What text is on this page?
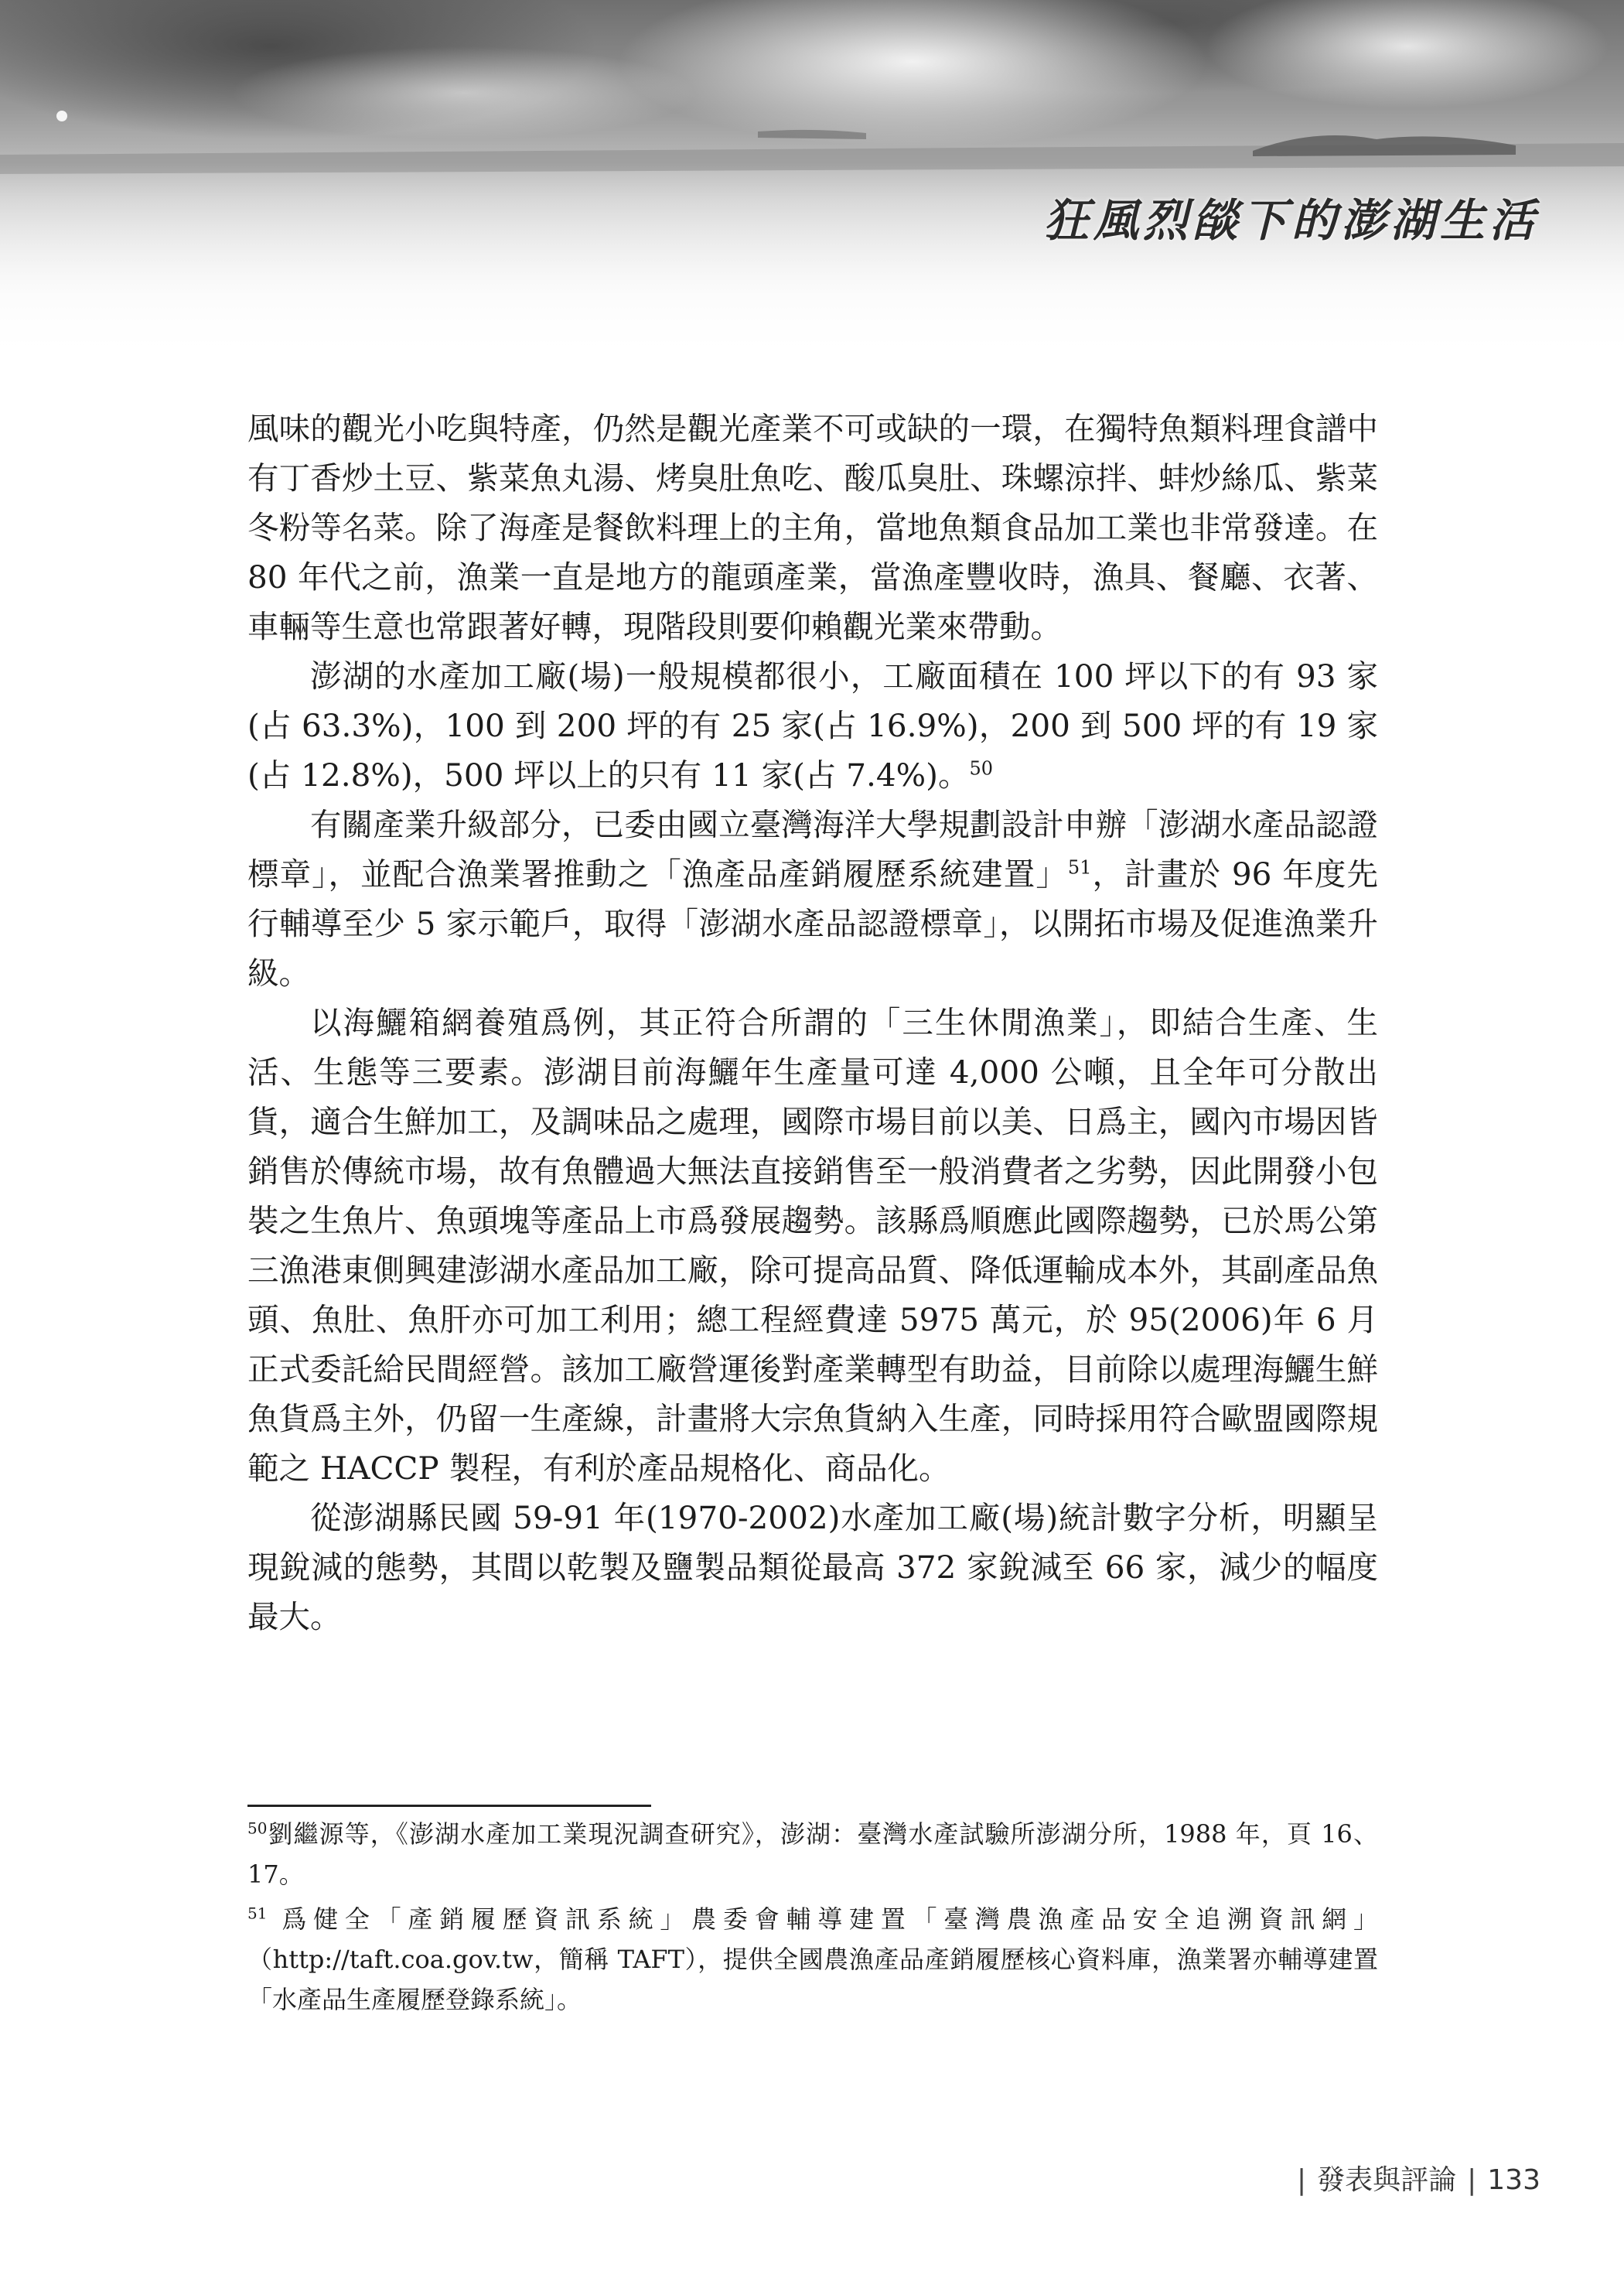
狂風烈燄下的澎湖生活

風味的觀光小吃與特產，仍然是觀光產業不可或缺的一環，在獨特魚類料理食譜中有丁香炒土豆、紫菜魚丸湯、烤臭肚魚吃、酸瓜臭肚、珠螺涼拌、蚌炒絲瓜、紫菜冬粉等名菜。除了海產是餐飲料理上的主角，當地魚類食品加工業也非常發達。在 80 年代之前，漁業一直是地方的龍頭產業，當漁產豐收時，漁具、餐廳、衣著、車輛等生意也常跟著好轉，現階段則要仰賴觀光業來帶動。

澎湖的水產加工廠(場)一般規模都很小，工廠面積在 100 坪以下的有 93 家(占 63.3%)，100 到 200 坪的有 25 家(占 16.9%)，200 到 500 坪的有 19 家(占 12.8%)，500 坪以上的只有 11 家(占 7.4%)。$^{50}$

有關產業升級部分，已委由國立臺灣海洋大學規劃設計申辦「澎湖水產品認證標章」，並配合漁業署推動之「漁產品產銷履歷系統建置」$^{51}$，計畫於 96 年度先行輔導至少 5 家示範戶，取得「澎湖水產品認證標章」，以開拓市場及促進漁業升級。

以海鱺箱網養殖爲例，其正符合所謂的「三生休閒漁業」，即結合生產、生活、生態等三要素。澎湖目前海鱺年生產量可達 4,000 公噸，且全年可分散出貨，適合生鮮加工，及調味品之處理，國際市場目前以美、日爲主，國內市場因皆銷售於傳統市場，故有魚體過大無法直接銷售至一般消費者之劣勢，因此開發小包裝之生魚片、魚頭塊等產品上市爲發展趨勢。該縣爲順應此國際趨勢，已於馬公第三漁港東側興建澎湖水產品加工廠，除可提高品質、降低運輸成本外，其副產品魚頭、魚肚、魚肝亦可加工利用；總工程經費達 5975 萬元，於 95(2006)年 6 月正式委託給民間經營。該加工廠營運後對產業轉型有助益，目前除以處理海鱺生鮮魚貨爲主外，仍留一生產線，計畫將大宗魚貨納入生產，同時採用符合歐盟國際規範之 HACCP 製程，有利於產品規格化、商品化。

從澎湖縣民國 59-91 年(1970-2002)水產加工廠(場)統計數字分析，明顯呈現銳減的態勢，其間以乾製及鹽製品類從最高 372 家銳減至 66 家，減少的幅度最大。

$^{50}$劉繼源等，《澎湖水產加工業現況調查研究》，澎湖：臺灣水產試驗所澎湖分所，1988 年，頁 16、17。

$^{51}$ 爲健全「產銷履歷資訊系統」農委會輔導建置「臺灣農漁產品安全追溯資訊網」（http://taft.coa.gov.tw，簡稱 TAFT），提供全國農漁產品產銷履歷核心資料庫，漁業署亦輔導建置「水產品生產履歷登錄系統」。

| 發表與評論 | 133
